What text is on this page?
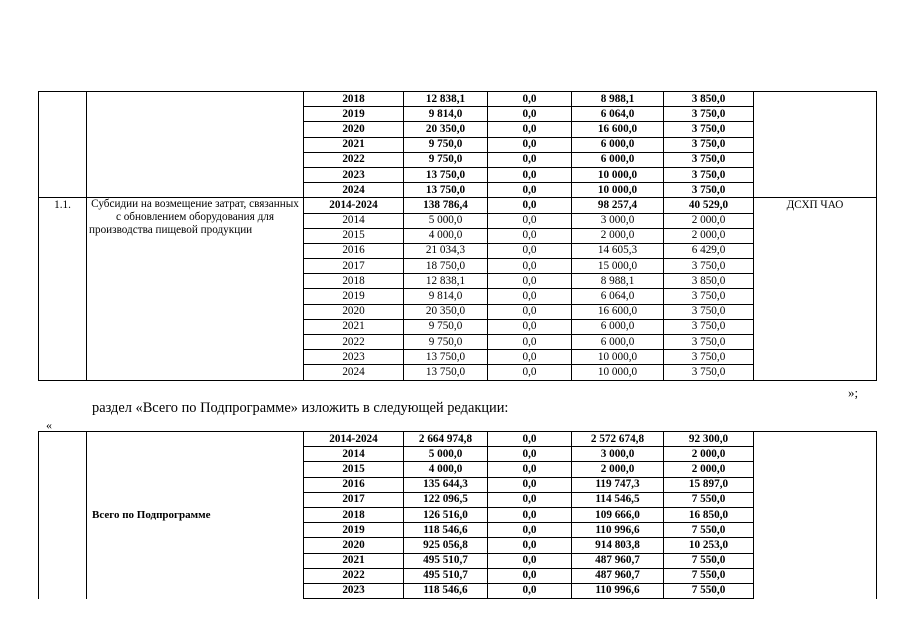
		2018	12 838,1	0,0	8 988,1	3 850,0	
		2019	9 814,0	0,0	6 064,0	3 750,0	
		2020	20 350,0	0,0	16 600,0	3 750,0	
		2021	9 750,0	0,0	6 000,0	3 750,0	
		2022	9 750,0	0,0	6 000,0	3 750,0	
		2023	13 750,0	0,0	10 000,0	3 750,0	
		2024	13 750,0	0,0	10 000,0	3 750,0	
1.1.	Субсидии на возмещение затрат, связанных с обновлением оборудования для производства пищевой продукции	2014-2024	138 786,4	0,0	98 257,4	40 529,0	ДСХП ЧАО
		2014	5 000,0	0,0	3 000,0	2 000,0	
		2015	4 000,0	0,0	2 000,0	2 000,0	
		2016	21 034,3	0,0	14 605,3	6 429,0	
		2017	18 750,0	0,0	15 000,0	3 750,0	
		2018	12 838,1	0,0	8 988,1	3 850,0	
		2019	9 814,0	0,0	6 064,0	3 750,0	
		2020	20 350,0	0,0	16 600,0	3 750,0	
		2021	9 750,0	0,0	6 000,0	3 750,0	
		2022	9 750,0	0,0	6 000,0	3 750,0	
		2023	13 750,0	0,0	10 000,0	3 750,0	
		2024	13 750,0	0,0	10 000,0	3 750,0	
»;
раздел «Всего по Подпрограмме» изложить в следующей редакции:
«
	Всего по Подпрограмме	2014-2024	2 664 974,8	0,0	2 572 674,8	92 300,0	
		2014	5 000,0	0,0	3 000,0	2 000,0	
		2015	4 000,0	0,0	2 000,0	2 000,0	
		2016	135 644,3	0,0	119 747,3	15 897,0	
		2017	122 096,5	0,0	114 546,5	7 550,0	
		2018	126 516,0	0,0	109 666,0	16 850,0	
		2019	118 546,6	0,0	110 996,6	7 550,0	
		2020	925 056,8	0,0	914 803,8	10 253,0	
		2021	495 510,7	0,0	487 960,7	7 550,0	
		2022	495 510,7	0,0	487 960,7	7 550,0	
		2023	118 546,6	0,0	110 996,6	7 550,0	
